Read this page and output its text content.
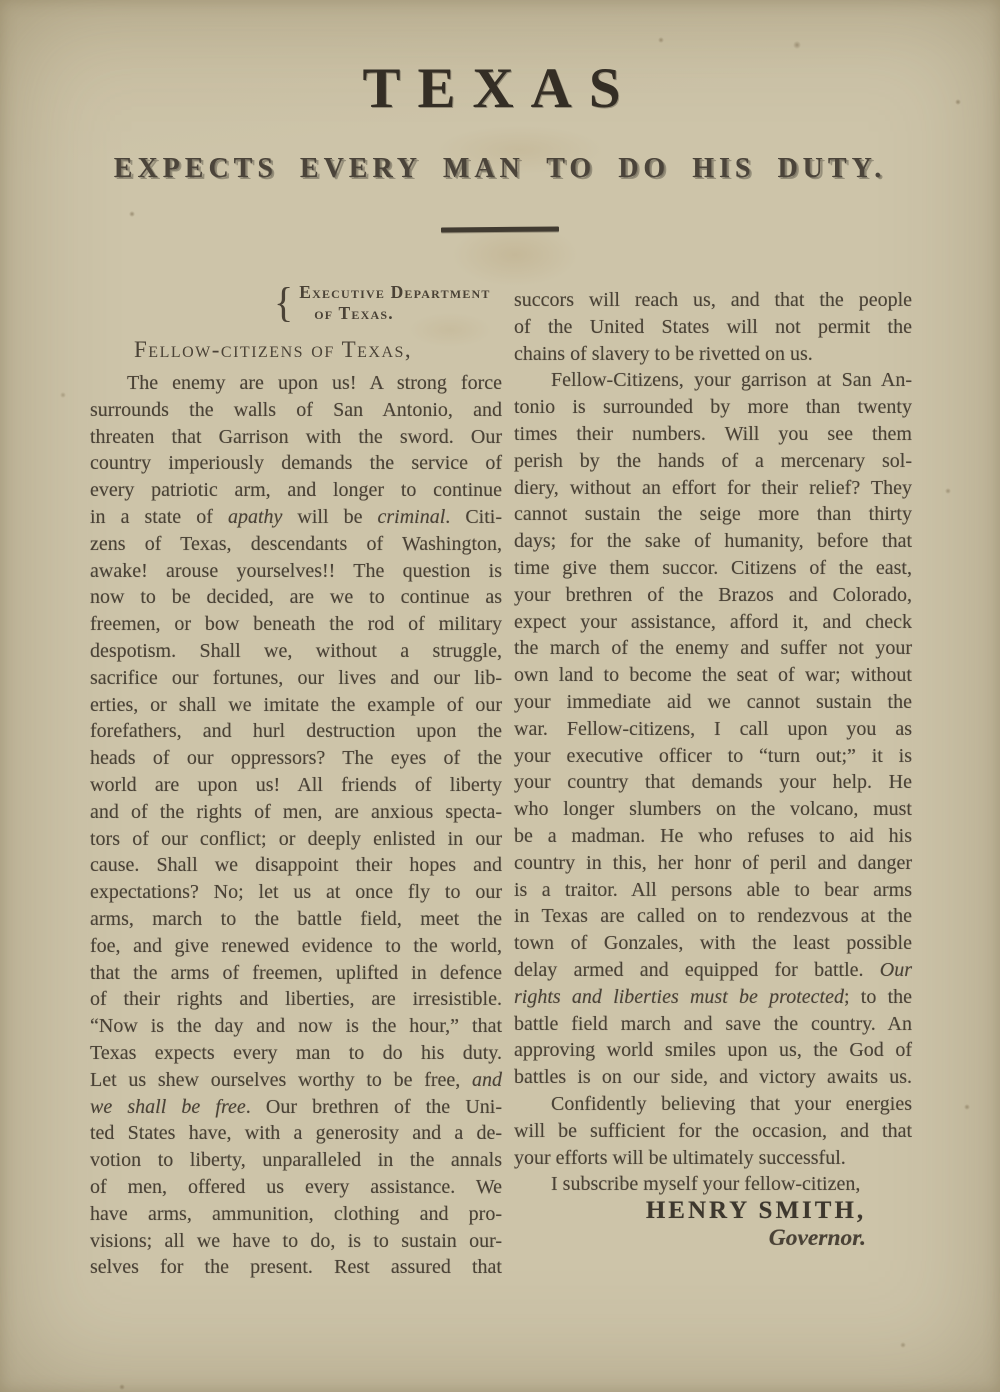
TEXAS
EXPECTS EVERY MAN TO DO HIS DUTY.
{ Executive Department
of Texas.
Fellow-citizens of Texas,
The enemy are upon us! A strong force
surrounds the walls of San Antonio, and
threaten that Garrison with the sword. Our
country imperiously demands the service of
every patriotic arm, and longer to continue
in a state of apathy will be criminal. Citi-
zens of Texas, descendants of Washington,
awake! arouse yourselves!! The question is
now to be decided, are we to continue as
freemen, or bow beneath the rod of military
despotism. Shall we, without a struggle,
sacrifice our fortunes, our lives and our lib-
erties, or shall we imitate the example of our
forefathers, and hurl destruction upon the
heads of our oppressors? The eyes of the
world are upon us! All friends of liberty
and of the rights of men, are anxious specta-
tors of our conflict; or deeply enlisted in our
cause. Shall we disappoint their hopes and
expectations? No; let us at once fly to our
arms, march to the battle field, meet the
foe, and give renewed evidence to the world,
that the arms of freemen, uplifted in defence
of their rights and liberties, are irresistible.
“Now is the day and now is the hour,” that
Texas expects every man to do his duty.
Let us shew ourselves worthy to be free, and
we shall be free. Our brethren of the Uni-
ted States have, with a generosity and a de-
votion to liberty, unparalleled in the annals
of men, offered us every assistance. We
have arms, ammunition, clothing and pro-
visions; all we have to do, is to sustain our-
selves for the present. Rest assured that
succors will reach us, and that the people
of the United States will not permit the
chains of slavery to be rivetted on us.
Fellow-Citizens, your garrison at San An-
tonio is surrounded by more than twenty
times their numbers. Will you see them
perish by the hands of a mercenary sol-
diery, without an effort for their relief? They
cannot sustain the seige more than thirty
days; for the sake of humanity, before that
time give them succor. Citizens of the east,
your brethren of the Brazos and Colorado,
expect your assistance, afford it, and check
the march of the enemy and suffer not your
own land to become the seat of war; without
your immediate aid we cannot sustain the
war. Fellow-citizens, I call upon you as
your executive officer to “turn out;” it is
your country that demands your help. He
who longer slumbers on the volcano, must
be a madman. He who refuses to aid his
country in this, her honr of peril and danger
is a traitor. All persons able to bear arms
in Texas are called on to rendezvous at the
town of Gonzales, with the least possible
delay armed and equipped for battle. Our
rights and liberties must be protected; to the
battle field march and save the country. An
approving world smiles upon us, the God of
battles is on our side, and victory awaits us.
Confidently believing that your energies
will be sufficient for the occasion, and that
your efforts will be ultimately successful.
I subscribe myself your fellow-citizen,
HENRY SMITH,
Governor.
